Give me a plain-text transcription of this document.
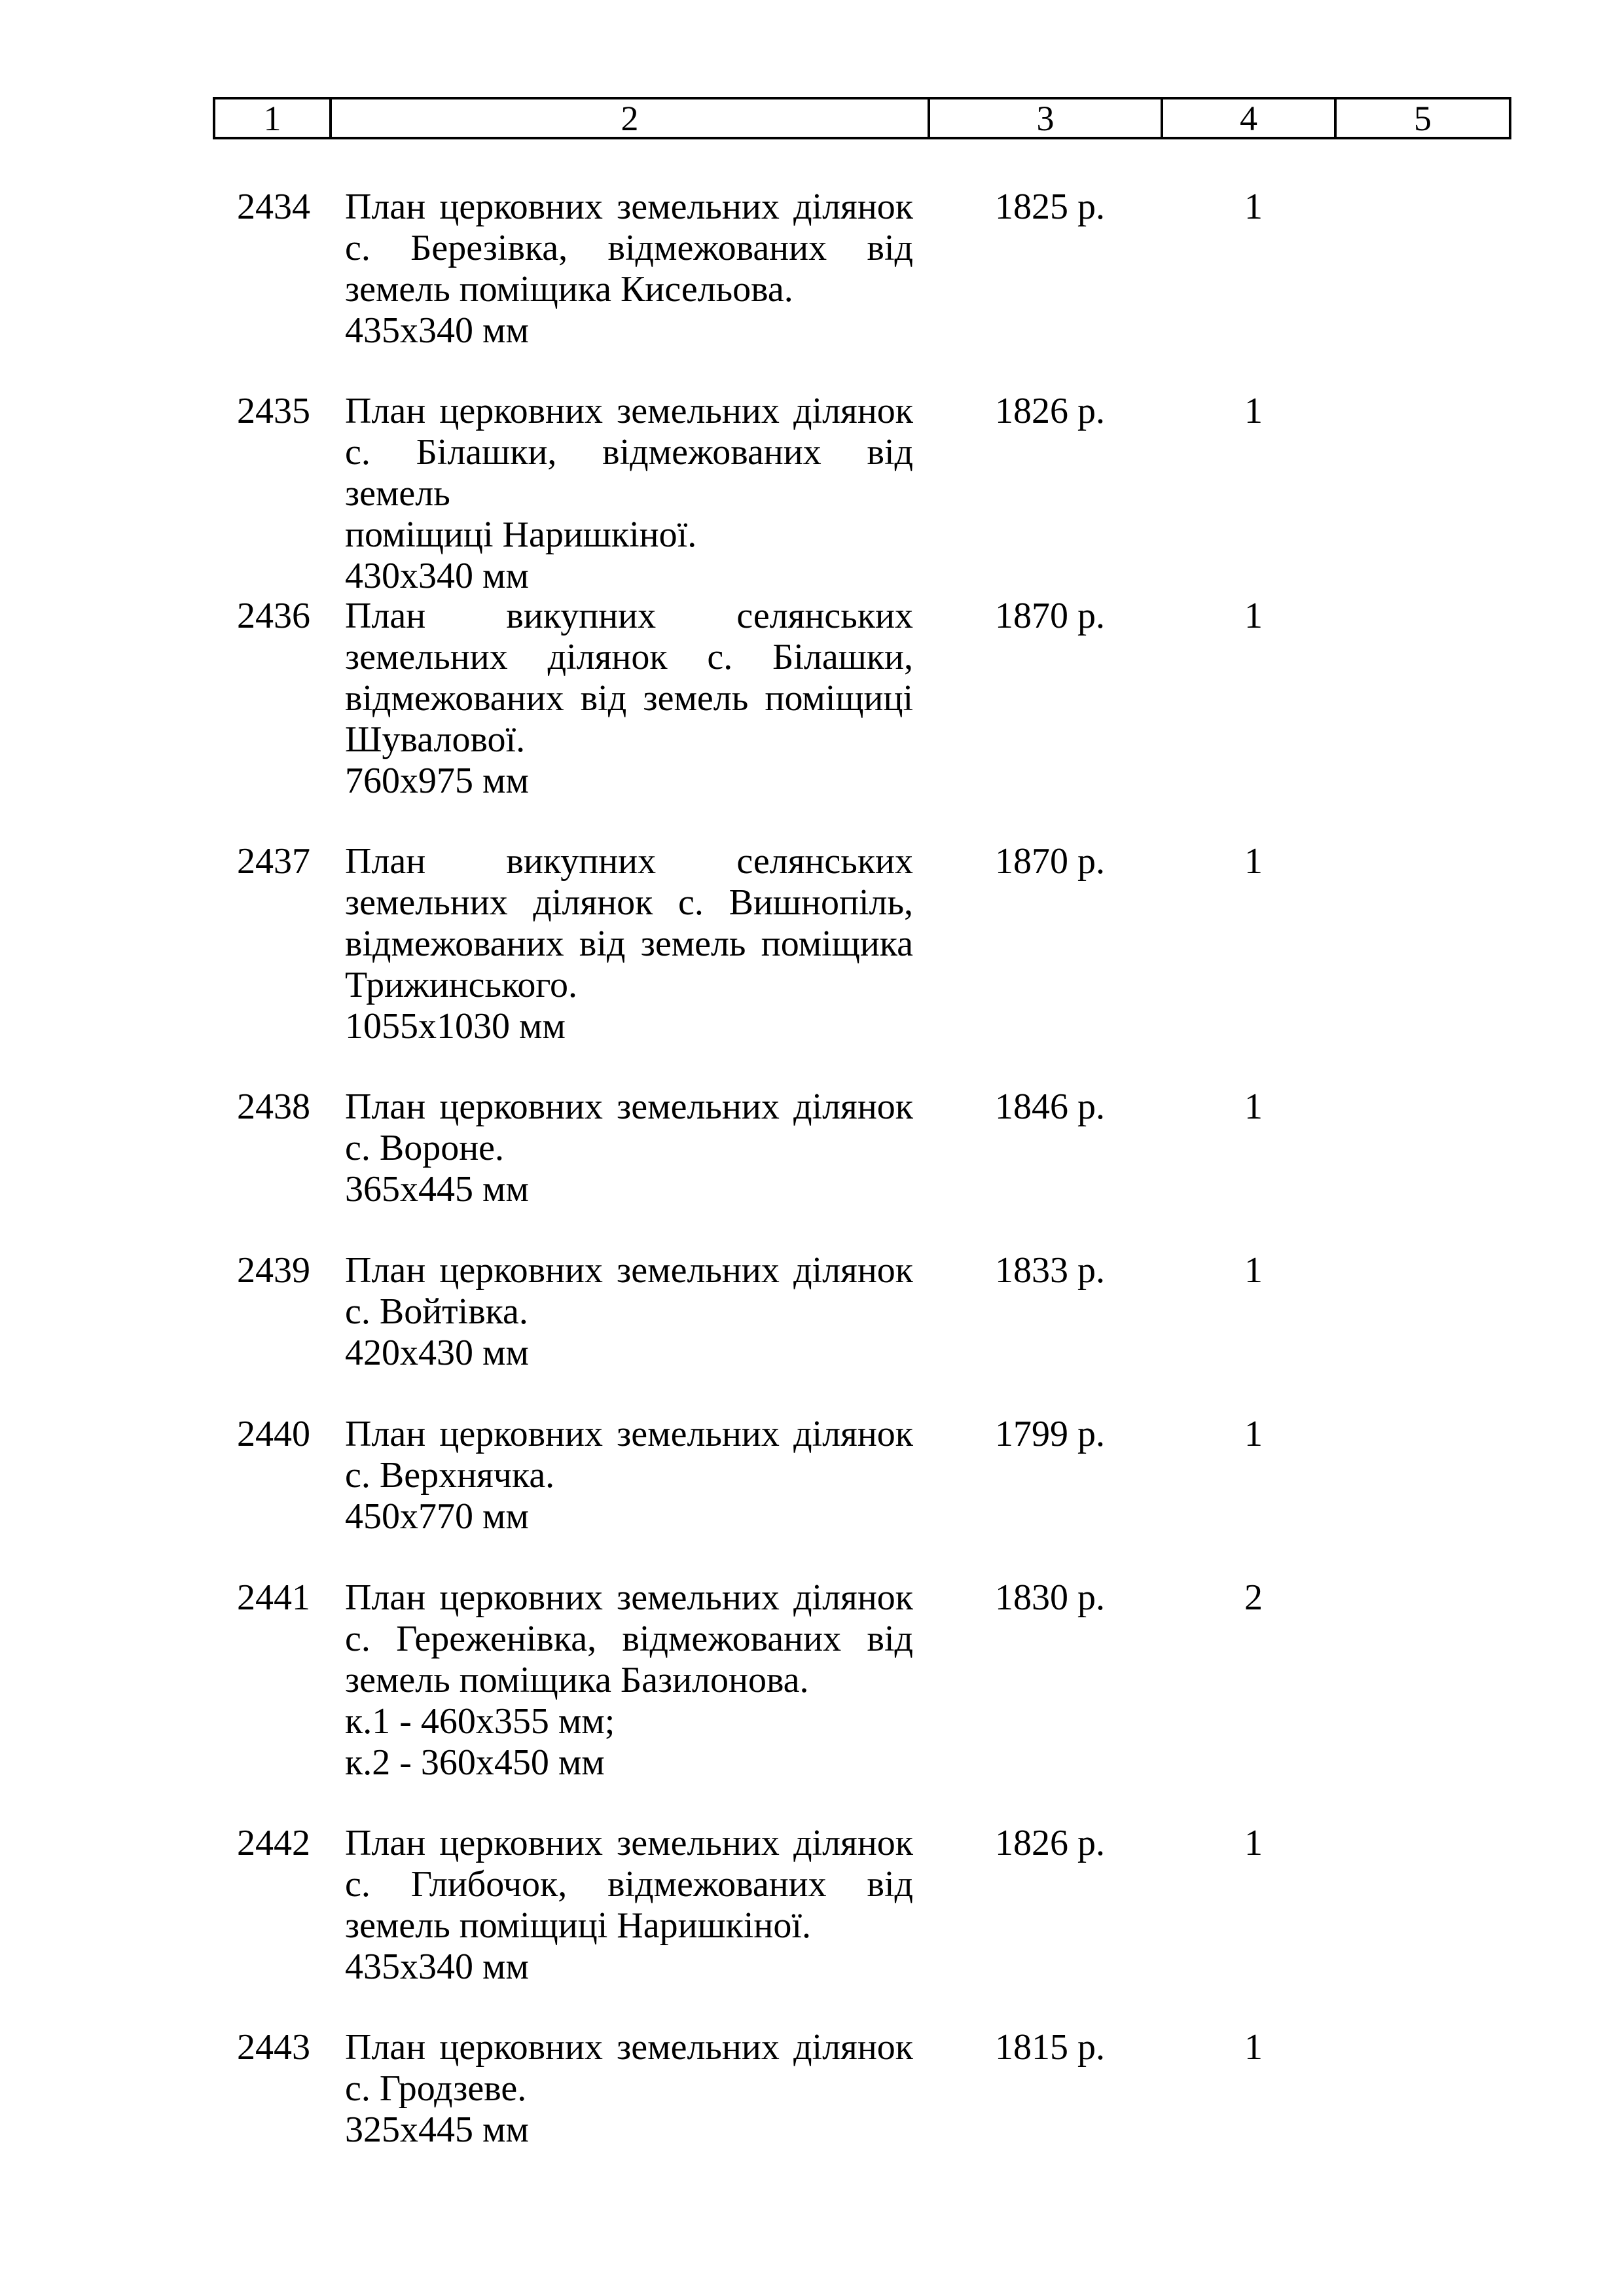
1	2	3	4	5
2434 План церковних земельних ділянок
с. Березівка, відмежованих від
земель поміщика Кисельова.
435x340 мм
1825 р.	1
2435 План церковних земельних ділянок
с. Білашки, відмежованих від земель
поміщиці Наришкіної.
430x340 мм
1826 р.	1
2436 План викупних селянських
земельних ділянок с. Білашки,
відмежованих від земель поміщиці
Шувалової.
760x975 мм
1870 р.	1
2437 План викупних селянських
земельних ділянок с. Вишнопіль,
відмежованих від земель поміщика
Трижинського.
1055x1030 мм
1870 р.	1
2438 План церковних земельних ділянок
с. Вороне.
365x445 мм
1846 р.	1
2439 План церковних земельних ділянок
с. Войтівка.
420x430 мм
1833 р.	1
2440 План церковних земельних ділянок
с. Верхнячка.
450x770 мм
1799 р.	1
2441 План церковних земельних ділянок
с. Гереженівка, відмежованих від
земель поміщика Базилонова.
к.1 - 460x355 мм;
к.2 - 360x450 мм
1830 р.	2
2442 План церковних земельних ділянок
с. Глибочок, відмежованих від
земель поміщиці Наришкіної.
435x340 мм
1826 р.	1
2443 План церковних земельних ділянок
с. Гродзеве.
325x445 мм
1815 р.	1
